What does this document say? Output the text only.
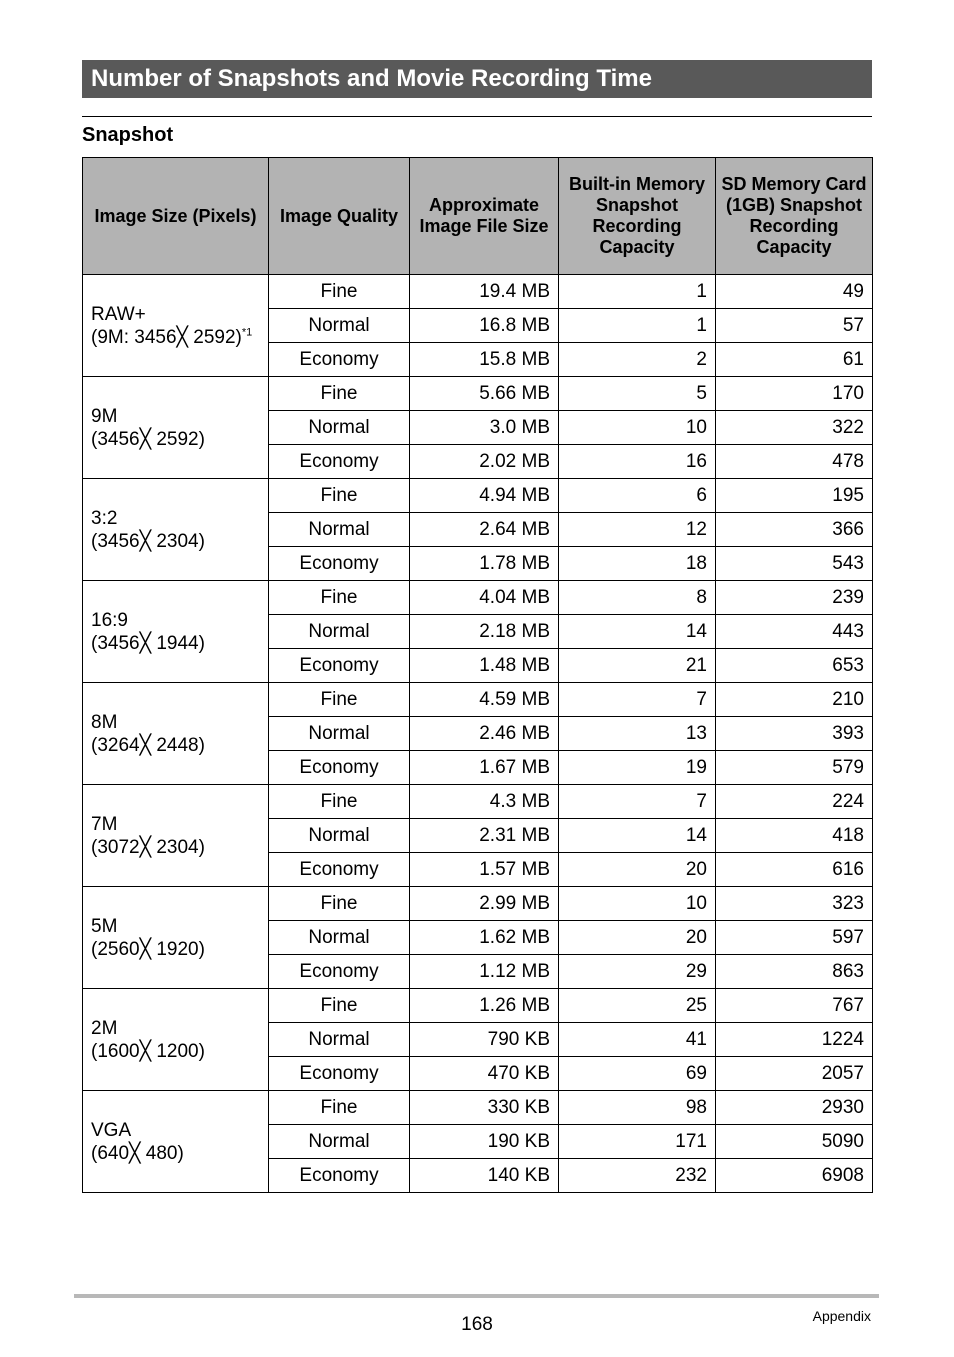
Number of Snapshots and Movie Recording Time
Snapshot
Image Size (Pixels)	Image Quality	Approximate Image File Size	Built-in Memory Snapshot Recording Capacity	SD Memory Card (1GB) Snapshot Recording Capacity

RAW+
(9M: 3456╳ 2592)$^{*1}$	Fine	19.4 MB	1	49
	Normal	16.8 MB	1	57
	Economy	15.8 MB	2	61

9M
(3456╳ 2592)	Fine	5.66 MB	5	170
	Normal	3.0 MB	10	322
	Economy	2.02 MB	16	478

3:2
(3456╳ 2304)	Fine	4.94 MB	6	195
	Normal	2.64 MB	12	366
	Economy	1.78 MB	18	543

16:9
(3456╳ 1944)	Fine	4.04 MB	8	239
	Normal	2.18 MB	14	443
	Economy	1.48 MB	21	653

8M
(3264╳ 2448)	Fine	4.59 MB	7	210
	Normal	2.46 MB	13	393
	Economy	1.67 MB	19	579

7M
(3072╳ 2304)	Fine	4.3 MB	7	224
	Normal	2.31 MB	14	418
	Economy	1.57 MB	20	616

5M
(2560╳ 1920)	Fine	2.99 MB	10	323
	Normal	1.62 MB	20	597
	Economy	1.12 MB	29	863

2M
(1600╳ 1200)	Fine	1.26 MB	25	767
	Normal	790 KB	41	1224
	Economy	470 KB	69	2057

VGA
(640╳ 480)	Fine	330 KB	98	2930
	Normal	190 KB	171	5090
	Economy	140 KB	232	6908
168	Appendix
